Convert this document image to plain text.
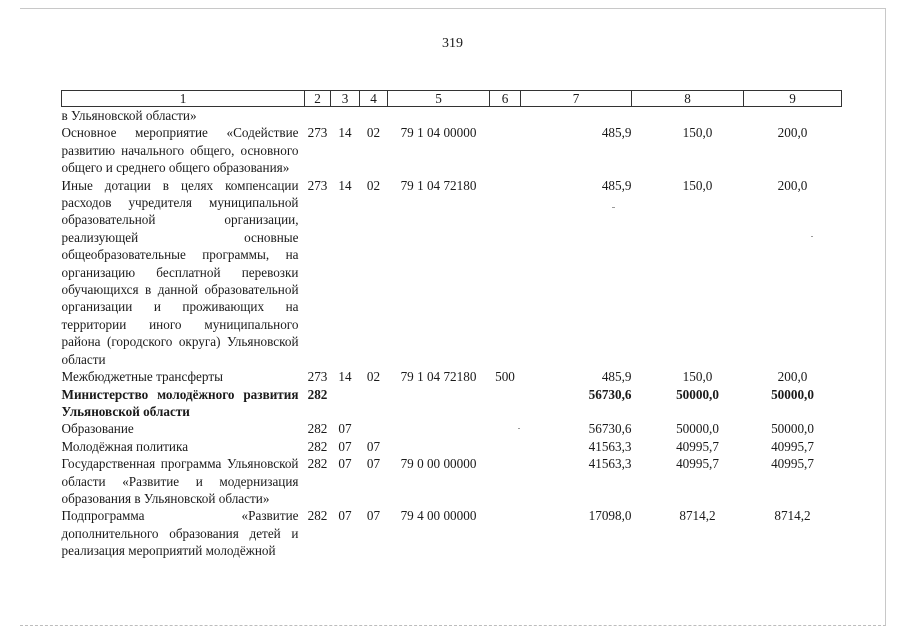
319
1	2	3	4	5	6	7	8	9
в Ульяновской области»								
Основное мероприятие «Содействие развитию начального общего, основного общего и среднего общего образования»	273	14	02	79 1 04 00000		485,9	150,0	200,0
Иные дотации в целях компенсации расходов учредителя муниципальной образовательной организации, реализующей основные общеобразовательные программы, на организацию бесплатной перевозки обучающихся в данной образовательной организации и проживающих на территории иного муниципального района (городского округа) Ульяновской области	273	14	02	79 1 04 72180		485,9	150,0	200,0
Межбюджетные трансферты	273	14	02	79 1 04 72180	500	485,9	150,0	200,0
Министерство молодёжного развития Ульяновской области	282					56730,6	50000,0	50000,0
Образование	282	07				56730,6	50000,0	50000,0
Молодёжная политика	282	07	07			41563,3	40995,7	40995,7
Государственная программа Ульяновской области «Развитие и модернизация образования в Ульяновской области»	282	07	07	79 0 00 00000		41563,3	40995,7	40995,7
Подпрограмма «Развитие дополнительного образования детей и реализация мероприятий молодёжной	282	07	07	79 4 00 00000		17098,0	8714,2	8714,2
